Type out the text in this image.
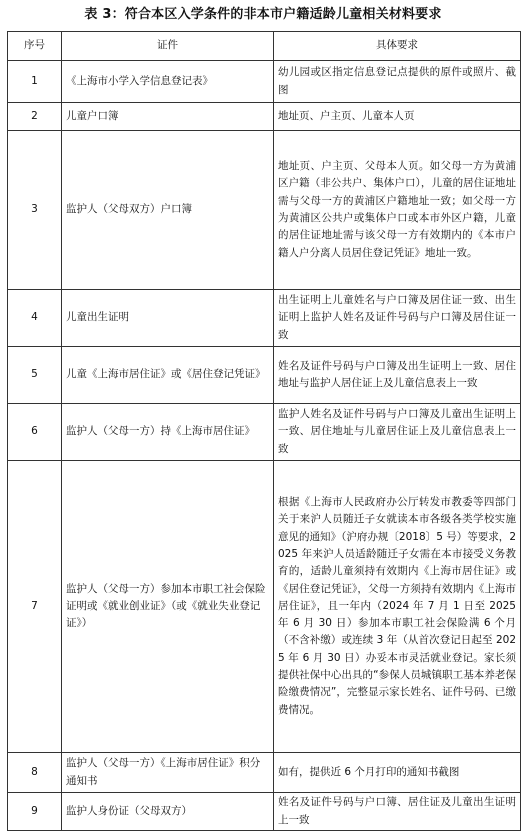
表 3：符合本区入学条件的非本市户籍适龄儿童相关材料要求
序号	证件	具体要求
1	《上海市小学入学信息登记表》	幼儿园或区指定信息登记点提供的原件或照片、截图
2	儿童户口簿	地址页、户主页、儿童本人页
3	监护人（父母双方）户口簿	地址页、户主页、父母本人页。如父母一方为黄浦区户籍（非公共户、集体户口），儿童的居住证地址需与父母一方的黄浦区户籍地址一致；如父母一方为黄浦区公共户或集体户口或本市外区户籍，儿童的居住证地址需与该父母一方有效期内的《本市户籍人户分离人员居住登记凭证》地址一致。
4	儿童出生证明	出生证明上儿童姓名与户口簿及居住证一致、出生证明上监护人姓名及证件号码与户口簿及居住证一致
5	儿童《上海市居住证》或《居住登记凭证》	姓名及证件号码与户口簿及出生证明上一致、居住地址与监护人居住证上及儿童信息表上一致
6	监护人（父母一方）持《上海市居住证》	监护人姓名及证件号码与户口簿及儿童出生证明上一致、居住地址与儿童居住证上及儿童信息表上一致
7	监护人（父母一方）参加本市职工社会保险证明或《就业创业证》（或《就业失业登记证》）	根据《上海市人民政府办公厅转发市教委等四部门关于来沪人员随迁子女就读本市各级各类学校实施意见的通知》（沪府办规〔2018〕5 号）等要求，2025 年来沪人员适龄随迁子女需在本市接受义务教育的，适龄儿童须持有效期内《上海市居住证》或《居住登记凭证》，父母一方须持有效期内《上海市居住证》，且一年内（2024 年 7 月 1 日至 2025 年 6 月 30 日）参加本市职工社会保险满 6 个月（不含补缴）或连续 3 年（从首次登记日起至 2025 年 6 月 30 日）办妥本市灵活就业登记。家长须提供社保中心出具的“参保人员城镇职工基本养老保险缴费情况”，完整显示家长姓名、证件号码、已缴费情况。
8	监护人（父母一方）《上海市居住证》积分通知书	如有，提供近 6 个月打印的通知书截图
9	监护人身份证（父母双方）	姓名及证件号码与户口簿、居住证及儿童出生证明上一致
